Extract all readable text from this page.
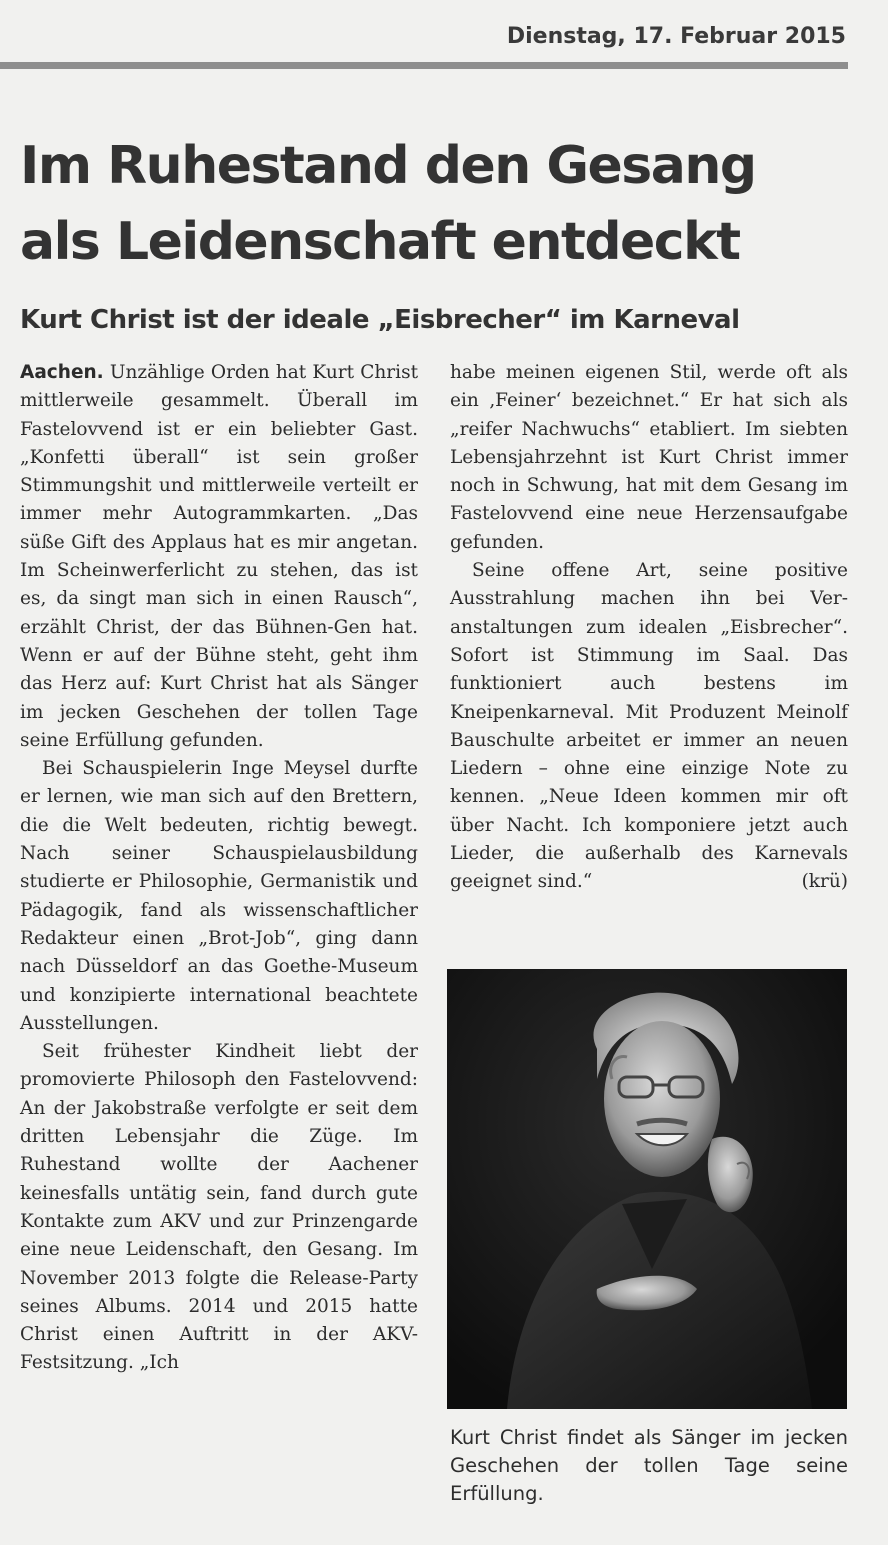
Dienstag, 17. Februar 2015
Im Ruhestand den Gesang
als Leidenschaft entdeckt
Kurt Christ ist der ideale „Eisbrecher“ im Karneval

Aachen. Unzählige Orden hat Kurt Christ mittlerweile gesammelt. Überall im Fastelovvend ist er ein beliebter Gast. „Konfetti überall“ ist sein großer Stimmungshit und mittlerweile verteilt er immer mehr Autogrammkarten. „Das süße Gift des Applaus hat es mir angetan. Im Scheinwerferlicht zu stehen, das ist es, da singt man sich in einen Rausch“, erzählt Christ, der das Bühnen-Gen hat. Wenn er auf der Bühne steht, geht ihm das Herz auf: Kurt Christ hat als Sänger im jecken Geschehen der tollen Tage seine Erfüllung gefunden.

Bei Schauspielerin Inge Meysel durfte er lernen, wie man sich auf den Brettern, die die Welt bedeuten, richtig bewegt. Nach seiner Schauspielausbildung studierte er Philosophie, Germanistik und Pädagogik, fand als wissenschaftlicher Redakteur einen „Brot-Job“, ging dann nach Düsseldorf an das Goethe-Museum und konzipierte international beachtete Ausstellungen.

Seit frühester Kindheit liebt der promovierte Philosoph den Fastelovvend: An der Jakobstraße verfolgte er seit dem dritten Lebensjahr die Züge. Im Ruhestand wollte der Aachener keinesfalls untätig sein, fand durch gute Kontakte zum AKV und zur Prinzengarde eine neue Leidenschaft, den Gesang. Im November 2013 folgte die Release-Party seines Albums. 2014 und 2015 hatte Christ einen Auftritt in der AKV-Festsitzung. „Ich

habe meinen eigenen Stil, werde oft als ein ‚Feiner‘ bezeichnet.“ Er hat sich als „reifer Nachwuchs“ etabliert. Im siebten Lebensjahrzehnt ist Kurt Christ immer noch in Schwung, hat mit dem Gesang im Fastelovvend eine neue Herzensaufgabe gefunden.

Seine offene Art, seine positive Ausstrahlung machen ihn bei Veranstaltungen zum idealen „Eisbrecher“. Sofort ist Stimmung im Saal. Das funktioniert auch bestens im Kneipenkarneval. Mit Produzent Meinolf Bauschulte arbeitet er immer an neuen Liedern – ohne eine einzige Note zu kennen. „Neue Ideen kommen mir oft über Nacht. Ich komponiere jetzt auch Lieder, die außerhalb des Karnevals geeignet sind.“	(krü)

Kurt Christ findet als Sänger im jecken Geschehen der tollen Tage seine Erfüllung.
